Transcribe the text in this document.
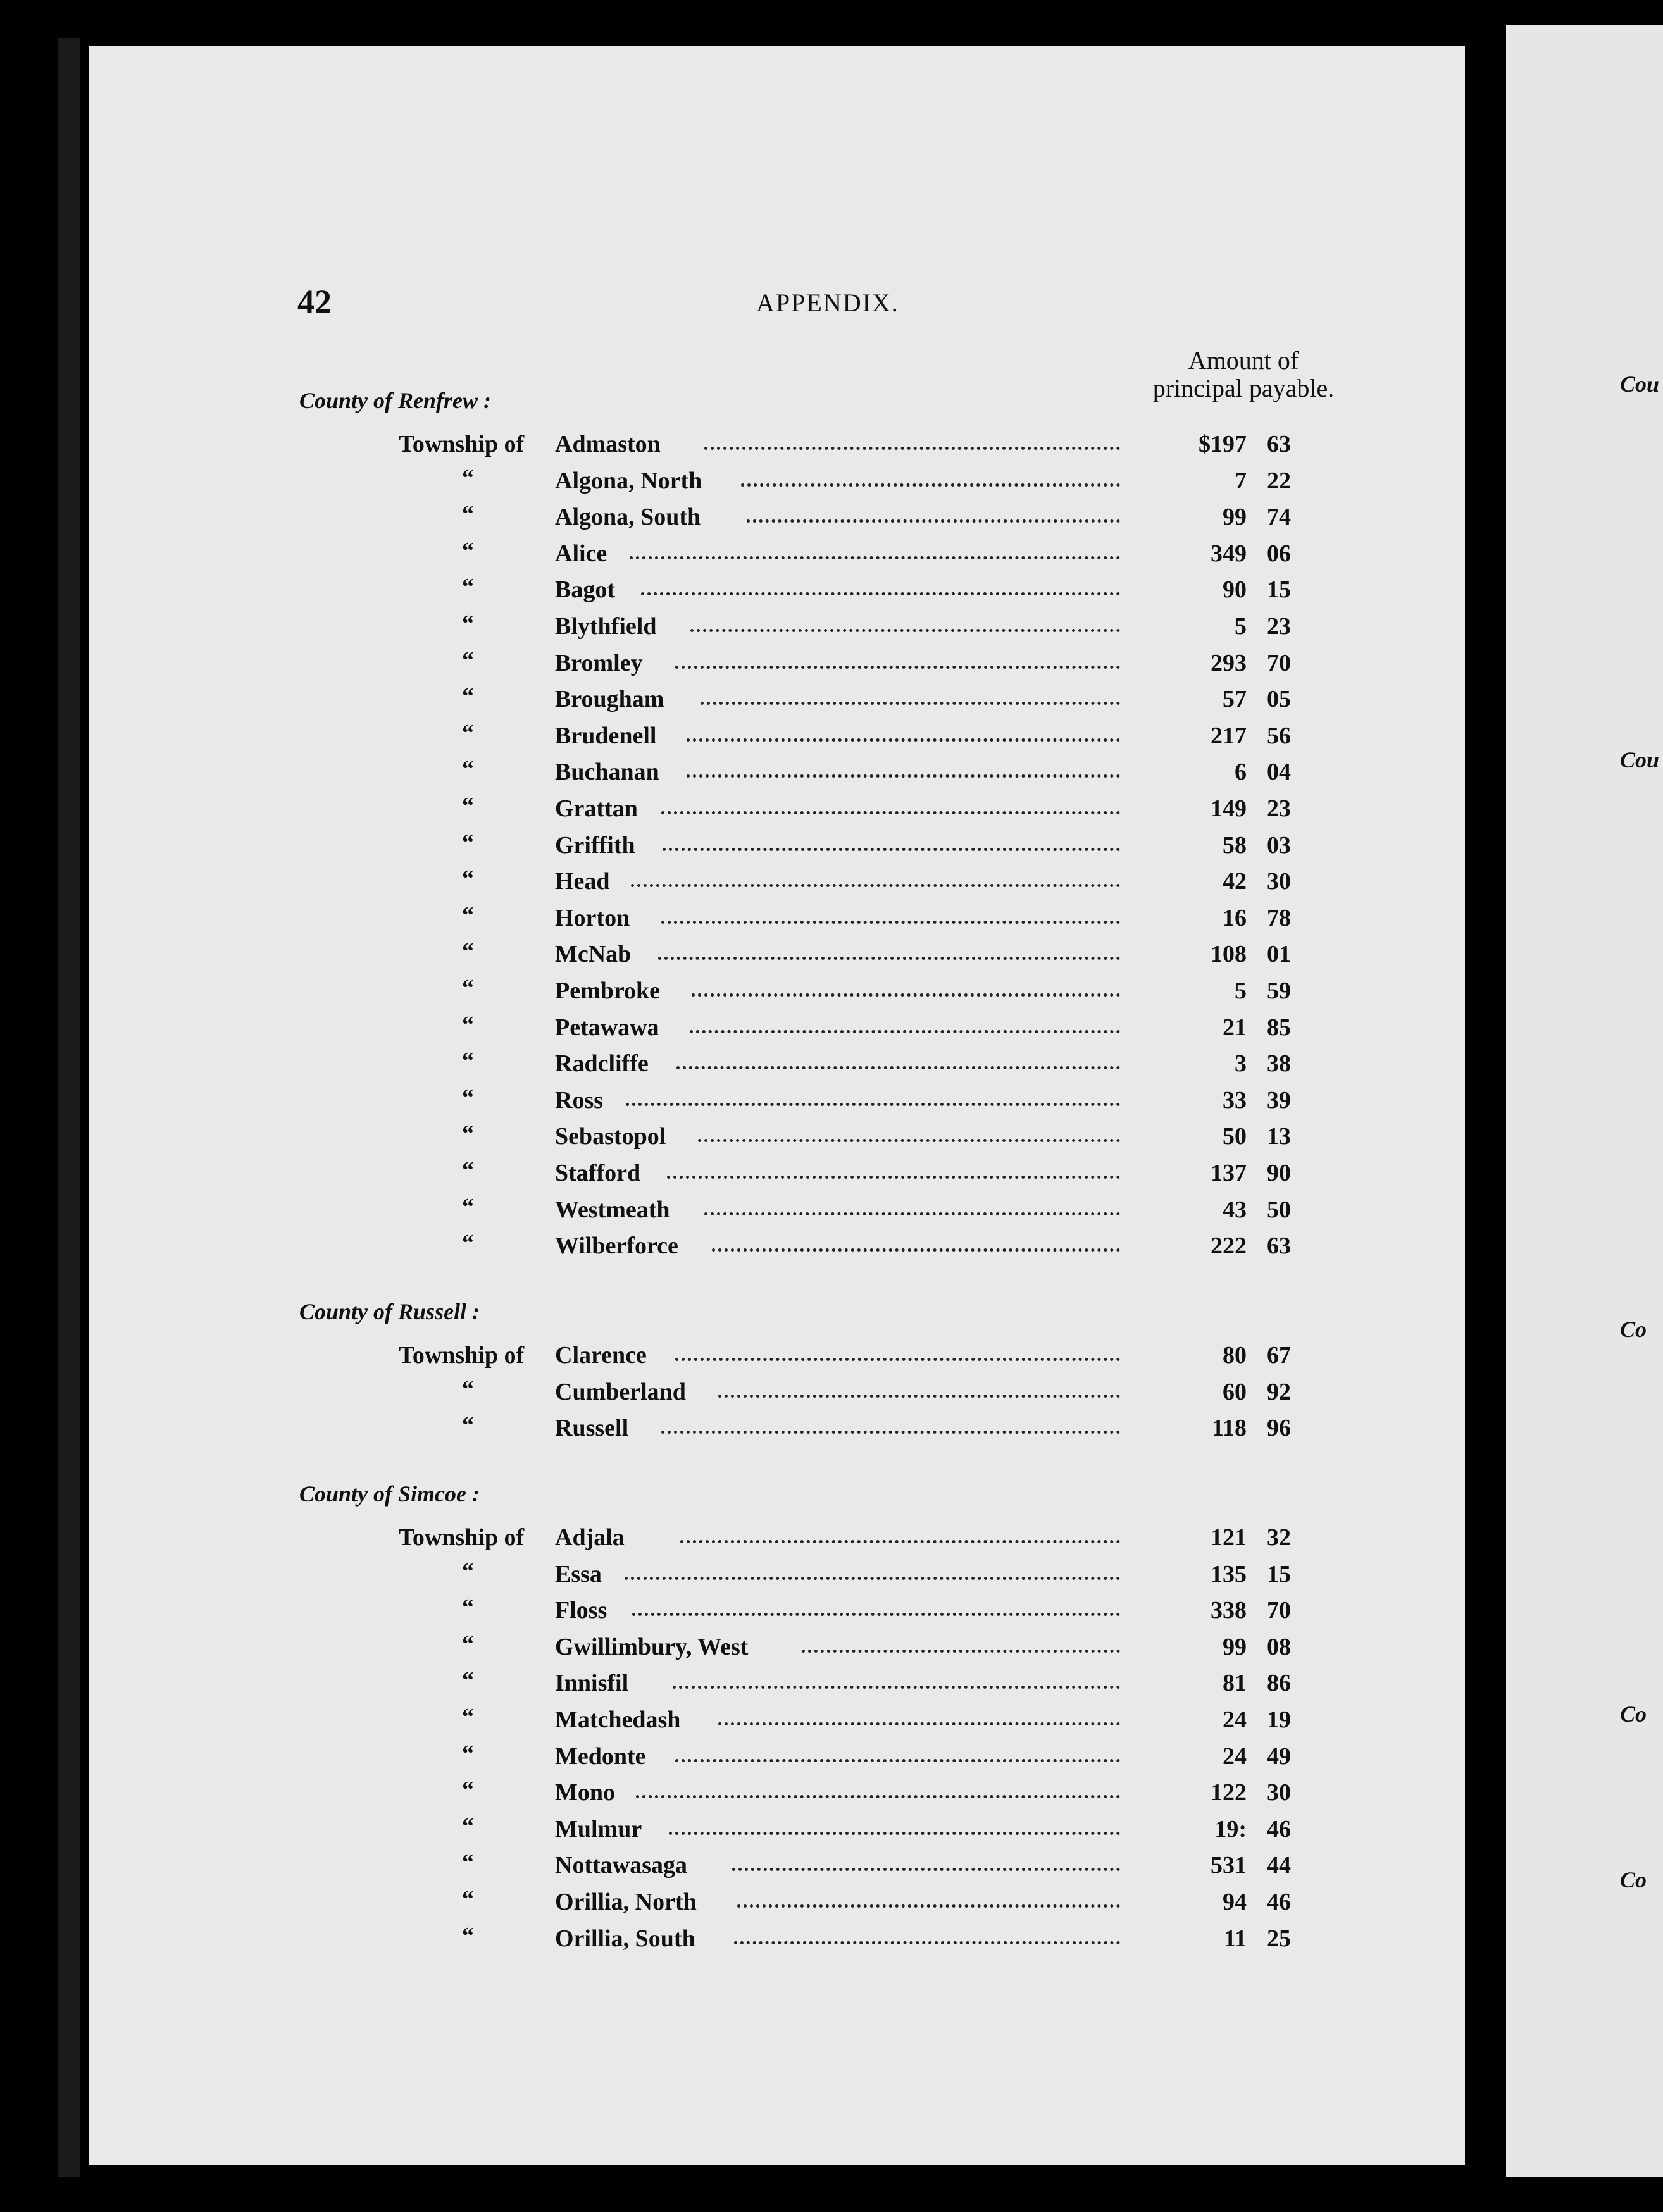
42	APPENDIX.
Amount of
principal payable.
County of Renfrew :
Township of Admaston	$197 63
“	Algona, North	7 22
“	Algona, South	99 74
“	Alice	349 06
“	Bagot	90 15
“	Blythfield	5 23
“	Bromley	293 70
“	Brougham	57 05
“	Brudenell	217 56
“	Buchanan	6 04
“	Grattan	149 23
“	Griffith	58 03
“	Head	42 30
“	Horton	16 78
“	McNab	108 01
“	Pembroke	5 59
“	Petawawa	21 85
“	Radcliffe	3 38
“	Ross	33 39
“	Sebastopol	50 13
“	Stafford	137 90
“	Westmeath	43 50
“	Wilberforce	222 63
County of Russell :
Township of Clarence	80 67
“	Cumberland	60 92
“	Russell	118 96
County of Simcoe :
Township of Adjala	121 32
“	Essa	135 15
“	Floss	338 70
“	Gwillimbury, West	99 08
“	Innisfil	81 86
“	Matchedash	24 19
“	Medonte	24 49
“	Mono	122 30
“	Mulmur	19: 46
“	Nottawasaga	531 44
“	Orillia, North	94 46
“	Orillia, South	11 25
Cou
Cou
Co
Co
Co
